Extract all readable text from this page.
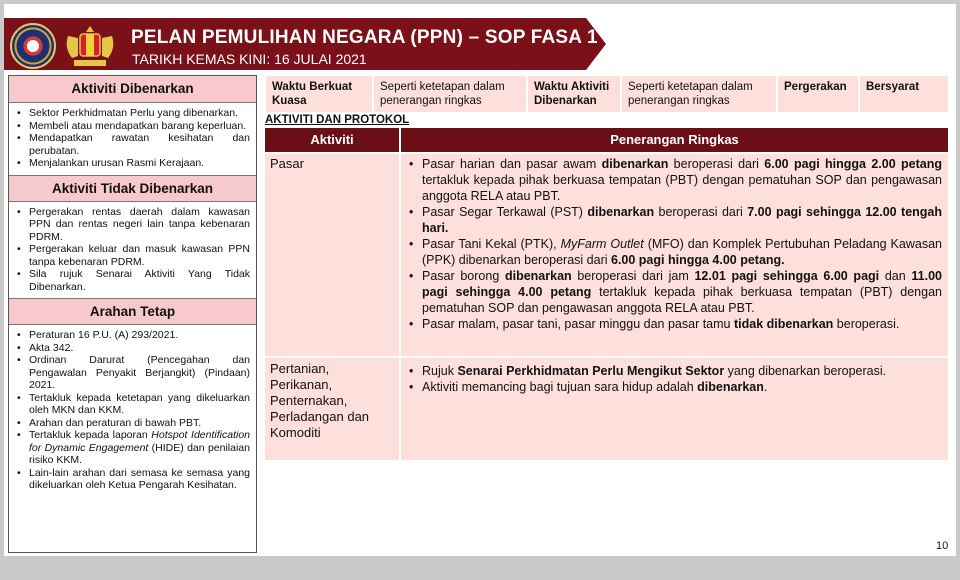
PELAN PEMULIHAN NEGARA (PPN) – SOP FASA 1
TARIKH KEMAS KINI: 16 JULAI 2021
Aktiviti Dibenarkan
• Sektor Perkhidmatan Perlu yang dibenarkan.
• Membeli atau mendapatkan barang keperluan.
• Mendapatkan rawatan kesihatan dan perubatan.
• Menjalankan urusan Rasmi Kerajaan.
Aktiviti Tidak Dibenarkan
• Pergerakan rentas daerah dalam kawasan PPN dan rentas negeri lain tanpa kebenaran PDRM.
• Pergerakan keluar dan masuk kawasan PPN tanpa kebenaran PDRM.
• Sila rujuk Senarai Aktiviti Yang Tidak Dibenarkan.
Arahan Tetap
• Peraturan 16 P.U. (A) 293/2021.
• Akta 342.
• Ordinan Darurat (Pencegahan dan Pengawalan Penyakit Berjangkit) (Pindaan) 2021.
• Tertakluk kepada ketetapan yang dikeluarkan oleh MKN dan KKM.
• Arahan dan peraturan di bawah PBT.
• Tertakluk kepada laporan Hotspot Identification for Dynamic Engagement (HIDE) dan penilaian risiko KKM.
• Lain-lain arahan dari semasa ke semasa yang dikeluarkan oleh Ketua Pengarah Kesihatan.
Waktu Berkuat Kuasa
Seperti ketetapan dalam penerangan ringkas
Waktu Aktiviti Dibenarkan
Seperti ketetapan dalam penerangan ringkas
Pergerakan	Bersyarat
AKTIVITI DAN PROTOKOL
Aktiviti	Penerangan Ringkas
Pasar
Pertanian, Perikanan, Penternakan, Perladangan dan Komoditi
• Pasar harian dan pasar awam dibenarkan beroperasi dari 6.00 pagi hingga 2.00 petang tertakluk kepada pihak berkuasa tempatan (PBT) dengan pematuhan SOP dan pengawasan anggota RELA atau PBT.
• Pasar Segar Terkawal (PST) dibenarkan beroperasi dari 7.00 pagi sehingga 12.00 tengah hari.
• Pasar Tani Kekal (PTK), MyFarm Outlet (MFO) dan Komplek Pertubuhan Peladang Kawasan (PPK) dibenarkan beroperasi dari 6.00 pagi hingga 4.00 petang.
• Pasar borong dibenarkan beroperasi dari jam 12.01 pagi sehingga 6.00 pagi dan 11.00 pagi sehingga 4.00 petang tertakluk kepada pihak berkuasa tempatan (PBT) dengan pematuhan SOP dan pengawasan anggota RELA atau PBT.
• Pasar malam, pasar tani, pasar minggu dan pasar tamu tidak dibenarkan beroperasi.
• Rujuk Senarai Perkhidmatan Perlu Mengikut Sektor yang dibenarkan beroperasi.
• Aktiviti memancing bagi tujuan sara hidup adalah dibenarkan.
10
